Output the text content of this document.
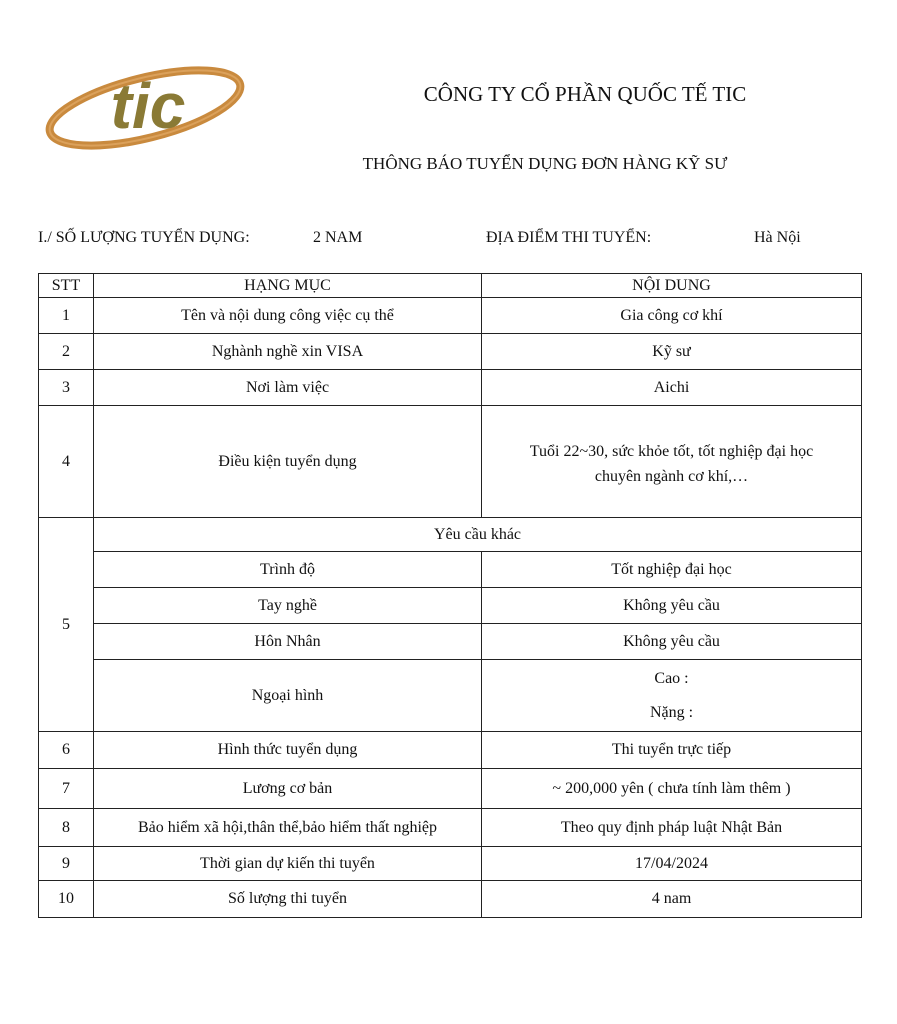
tic	CÔNG TY CỔ PHẦN QUỐC TẾ TIC
THÔNG BÁO TUYỂN DỤNG ĐƠN HÀNG KỸ SƯ
I./ SỐ LƯỢNG TUYỂN DỤNG:	2 NAM	ĐỊA ĐIỂM THI TUYỂN:	Hà Nội
STT	HẠNG MỤC	NỘI DUNG
1	Tên và nội dung công việc cụ thể	Gia công cơ khí
2	Nghành nghề xin VISA	Kỹ sư
3	Nơi làm việc	Aichi
4	Điều kiện tuyển dụng	Tuổi 22~30, sức khỏe tốt, tốt nghiệp đại học
chuyên ngành cơ khí,…

5	Yêu cầu khác	
	Trình độ	Tốt nghiệp đại học
	Tay nghề	Không yêu cầu
	Hôn Nhân	Không yêu cầu
	Ngoại hình	Cao :
Nặng :

6	Hình thức tuyển dụng	Thi tuyển trực tiếp
7	Lương cơ bản	~ 200,000 yên ( chưa tính làm thêm )
8	Bảo hiểm xã hội,thân thể,bảo hiểm thất nghiệp	Theo quy định pháp luật Nhật Bản
9	Thời gian dự kiến thi tuyển	17/04/2024
10	Số lượng thi tuyển	4 nam
